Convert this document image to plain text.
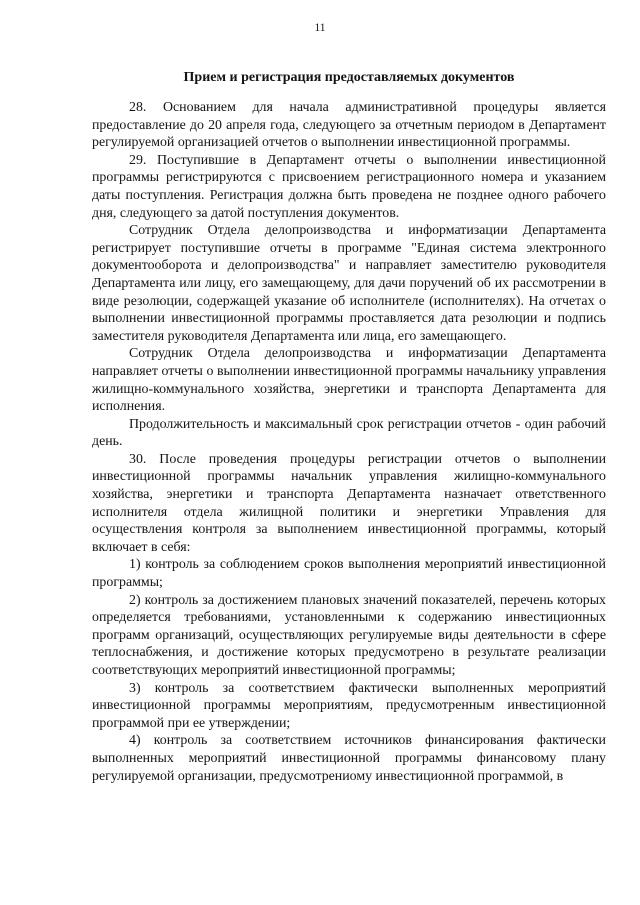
11
Прием и регистрация предоставляемых документов

28. Основанием для начала административной процедуры является предоставление до 20 апреля года, следующего за отчетным периодом в Департамент регулируемой организацией отчетов о выполнении инвестиционной программы.

29. Поступившие в Департамент отчеты о выполнении инвестиционной программы регистрируются с присвоением регистрационного номера и указанием даты поступления. Регистрация должна быть проведена не позднее одного рабочего дня, следующего за датой поступления документов.

Сотрудник Отдела делопроизводства и информатизации Департамента регистрирует поступившие отчеты в программе "Единая система электронного документооборота и делопроизводства" и направляет заместителю руководителя Департамента или лицу, его замещающему, для дачи поручений об их рассмотрении в виде резолюции, содержащей указание об исполнителе (исполнителях). На отчетах о выполнении инвестиционной программы проставляется дата резолюции и подпись заместителя руководителя Департамента или лица, его замещающего.

Сотрудник Отдела делопроизводства и информатизации Департамента направляет отчеты о выполнении инвестиционной программы начальнику управления жилищно-коммунального хозяйства, энергетики и транспорта Департамента для исполнения.

Продолжительность и максимальный срок регистрации отчетов - один рабочий день.

30. После проведения процедуры регистрации отчетов о выполнении инвестиционной программы начальник управления жилищно-коммунального хозяйства, энергетики и транспорта Департамента назначает ответственного исполнителя отдела жилищной политики и энергетики Управления для осуществления контроля за выполнением инвестиционной программы, который включает в себя:

1) контроль за соблюдением сроков выполнения мероприятий инвестиционной программы;

2) контроль за достижением плановых значений показателей, перечень которых определяется требованиями, установленными к содержанию инвестиционных программ организаций, осуществляющих регулируемые виды деятельности в сфере теплоснабжения, и достижение которых предусмотрено в результате реализации соответствующих мероприятий инвестиционной программы;

3) контроль за соответствием фактически выполненных мероприятий инвестиционной программы мероприятиям, предусмотренным инвестиционной программой при ее утверждении;

4) контроль за соответствием источников финансирования фактически выполненных мероприятий инвестиционной программы финансовому плану регулируемой организации, предусмотрениому инвестиционной программой, в
